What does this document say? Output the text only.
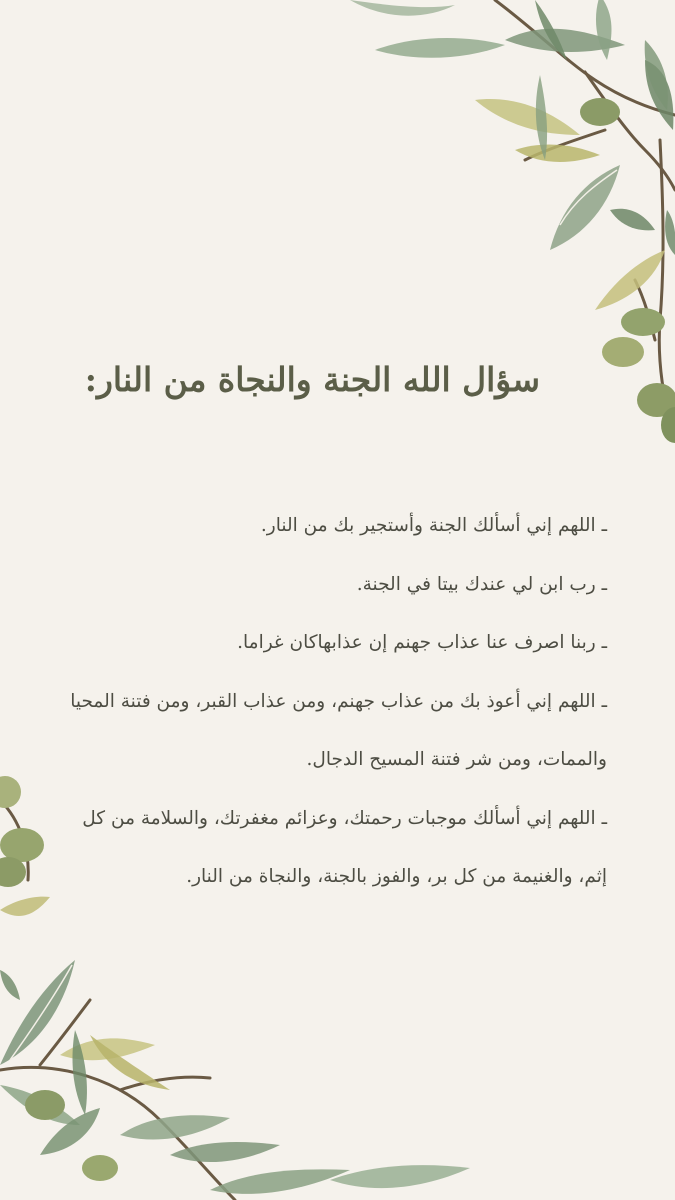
سؤال الله الجنة والنجاة من النار:
ـ اللهم إني أسألك الجنة وأستجير بك من النار.
ـ رب ابن لي عندك بيتا في الجنة.
ـ ربنا اصرف عنا عذاب جهنم إن عذابهاكان غراما.
ـ اللهم إني أعوذ بك من عذاب جهنم، ومن عذاب القبر، ومن فتنة المحيا والممات، ومن شر فتنة المسيح الدجال.
ـ اللهم إني أسألك موجبات رحمتك، وعزائم مغفرتك، والسلامة من كل إثم، والغنيمة من كل بر، والفوز بالجنة، والنجاة من النار.
